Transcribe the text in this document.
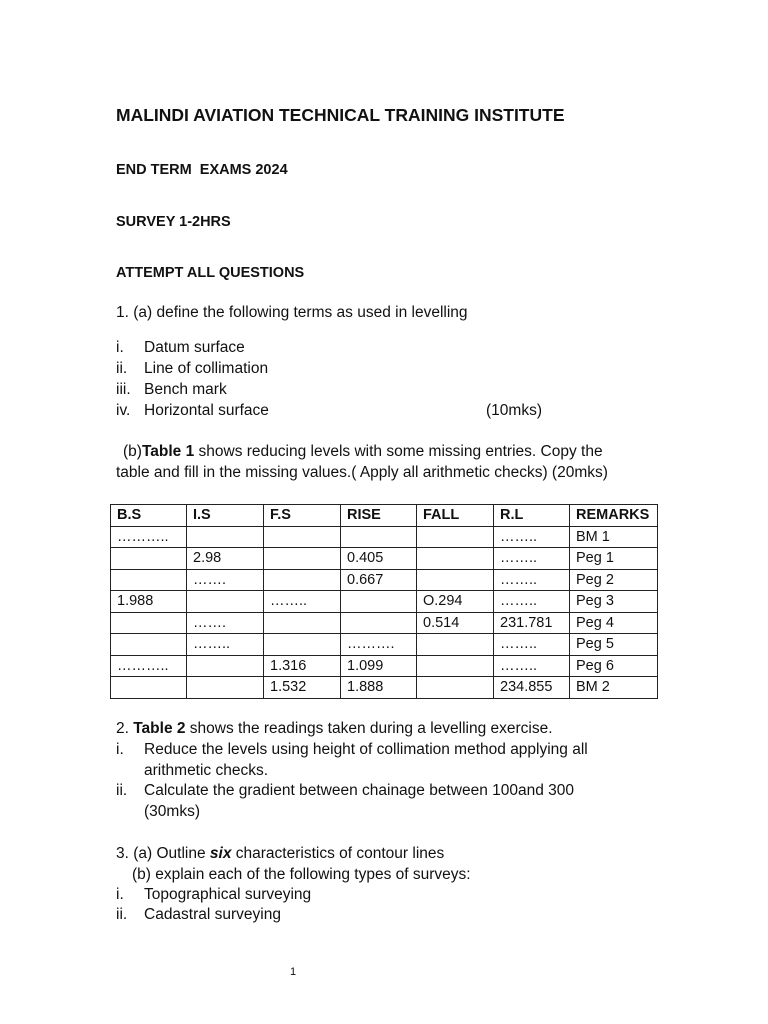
MALINDI AVIATION TECHNICAL TRAINING INSTITUTE
END TERM  EXAMS 2024
SURVEY 1-2HRS
ATTEMPT ALL QUESTIONS
1. (a) define the following terms as used in levelling
i. Datum surface
ii. Line of collimation
iii. Bench mark
iv. Horizontal surface	(10mks)
(b)Table 1 shows reducing levels with some missing entries. Copy the
table and fill in the missing values.( Apply all arithmetic checks) (20mks)
B.S	I.S	F.S	RISE	FALL	R.L	REMARKS
………..					……..	BM 1
	2.98		0.405		……..	Peg 1
	…….		0.667		……..	Peg 2
1.988		……..		O.294	……..	Peg 3
	…….			0.514	231.781	Peg 4
	……..		……….		……..	Peg 5
………..		1.316	1.099		……..	Peg 6
		1.532	1.888		234.855	BM 2
2. Table 2 shows the readings taken during a levelling exercise.
i. Reduce the levels using height of collimation method applying all
arithmetic checks.
ii. Calculate the gradient between chainage between 100and 300
(30mks)
3. (a) Outline six characteristics of contour lines
(b) explain each of the following types of surveys:
i. Topographical surveying
ii. Cadastral surveying
1
